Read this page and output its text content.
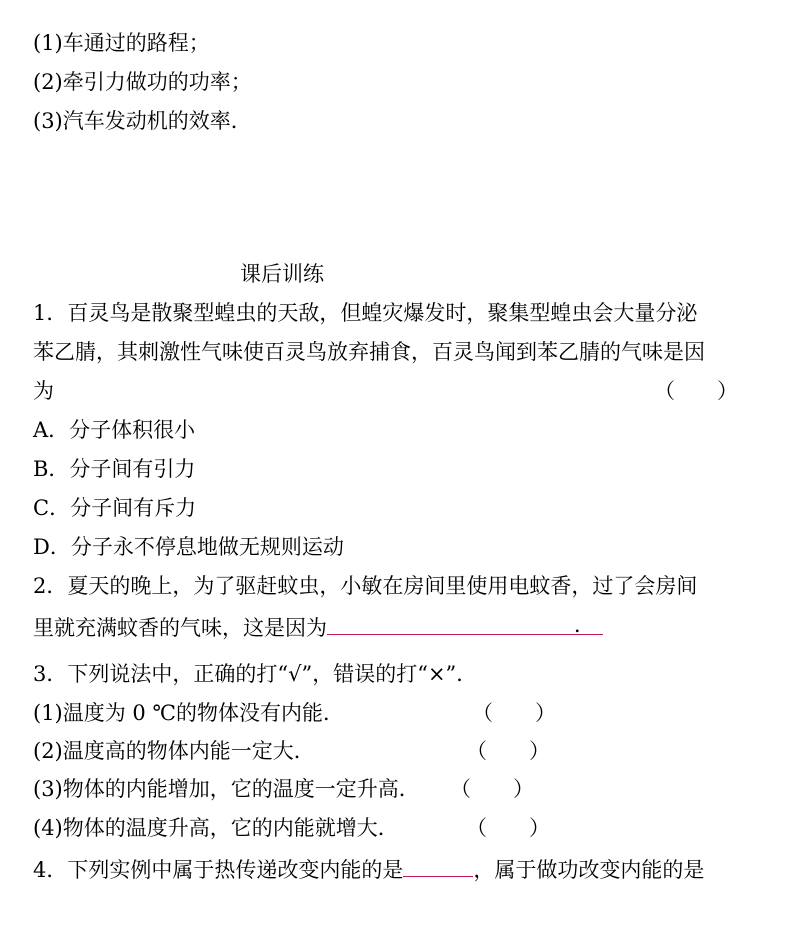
(1)车通过的路程；
(2)牵引力做功的功率；
(3)汽车发动机的效率．
课后训练
1．百灵鸟是散聚型蝗虫的天敌，但蝗灾爆发时，聚集型蝗虫会大量分泌
苯乙腈，其刺激性气味使百灵鸟放弃捕食，百灵鸟闻到苯乙腈的气味是因
为	（　　）
A．分子体积很小
B．分子间有引力
C．分子间有斥力
D．分子永不停息地做无规则运动
2．夏天的晚上，为了驱赶蚊虫，小敏在房间里使用电蚊香，过了会房间
里就充满蚊香的气味，这是因为	．
3．下列说法中，正确的打“√”，错误的打“×”．
(1)温度为 0 ℃的物体没有内能．	（　　）
(2)温度高的物体内能一定大．	（　　）
(3)物体的内能增加，它的温度一定升高． （　　）
(4)物体的温度升高，它的内能就增大．	（　　）
4．下列实例中属于热传递改变内能的是	，属于做功改变内能的是
